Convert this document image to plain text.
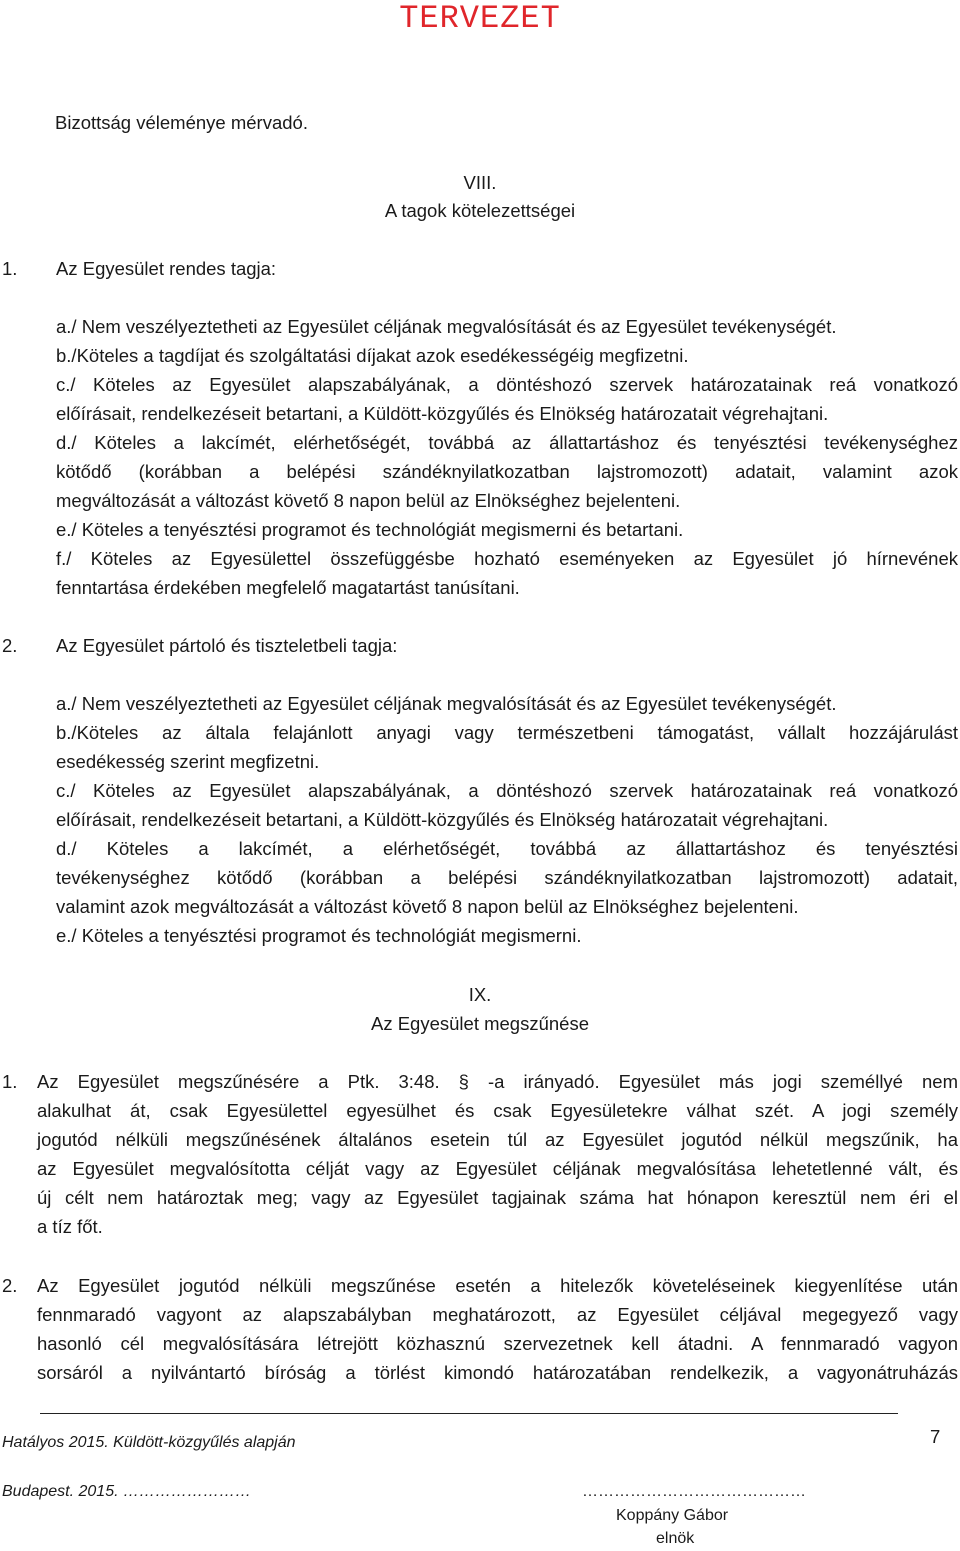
TERVEZET
Bizottság véleménye mérvadó.
VIII.
A tagok kötelezettségei
1. Az Egyesület rendes tagja:
a./ Nem veszélyeztetheti az Egyesület céljának megvalósítását és az Egyesület tevékenységét.
b./Köteles a tagdíjat és szolgáltatási díjakat azok esedékességéig megfizetni.
c./ Köteles az Egyesület alapszabályának, a döntéshozó szervek határozatainak reá vonatkozó
előírásait, rendelkezéseit betartani, a Küldött-közgyűlés és Elnökség határozatait végrehajtani.
d./ Köteles a lakcímét, elérhetőségét, továbbá az állattartáshoz és tenyésztési tevékenységhez
kötődő (korábban a belépési szándéknyilatkozatban lajstromozott) adatait, valamint azok
megváltozását a változást követő 8 napon belül az Elnökséghez bejelenteni.
e./ Köteles a tenyésztési programot és technológiát megismerni és betartani.
f./ Köteles az Egyesülettel összefüggésbe hozható eseményeken az Egyesület jó hírnevének
fenntartása érdekében megfelelő magatartást tanúsítani.
2. Az Egyesület pártoló és tiszteletbeli tagja:
a./ Nem veszélyeztetheti az Egyesület céljának megvalósítását és az Egyesület tevékenységét.
b./Köteles az általa felajánlott anyagi vagy természetbeni támogatást, vállalt hozzájárulást
esedékesség szerint megfizetni.
c./ Köteles az Egyesület alapszabályának, a döntéshozó szervek határozatainak reá vonatkozó
előírásait, rendelkezéseit betartani, a Küldött-közgyűlés és Elnökség határozatait végrehajtani.
d./ Köteles a lakcímét, a elérhetőségét, továbbá az állattartáshoz és tenyésztési
tevékenységhez kötődő (korábban a belépési szándéknyilatkozatban lajstromozott) adatait,
valamint azok megváltozását a változást követő 8 napon belül az Elnökséghez bejelenteni.
e./ Köteles a tenyésztési programot és technológiát megismerni.
IX.
Az Egyesület megszűnése
1. Az Egyesület megszűnésére a Ptk. 3:48. § -a irányadó. Egyesület más jogi személlyé nem
alakulhat át, csak Egyesülettel egyesülhet és csak Egyesületekre válhat szét. A jogi személy
jogutód nélküli megszűnésének általános esetein túl az Egyesület jogutód nélkül megszűnik, ha
az Egyesület megvalósította célját vagy az Egyesület céljának megvalósítása lehetetlenné vált, és
új célt nem határoztak meg; vagy az Egyesület tagjainak száma hat hónapon keresztül nem éri el
a tíz főt.
2. Az Egyesület jogutód nélküli megszűnése esetén a hitelezők követeléseinek kiegyenlítése után
fennmaradó vagyont az alapszabályban meghatározott, az Egyesület céljával megegyező vagy
hasonló cél megvalósítására létrejött közhasznú szervezetnek kell átadni. A fennmaradó vagyon
sorsáról a nyilvántartó bíróság a törlést kimondó határozatában rendelkezik, a vagyonátruházás
Hatályos 2015. Küldött-közgyűlés alapján	7
Budapest. 2015. ……………………	……………………………………
Koppány Gábor
elnök
